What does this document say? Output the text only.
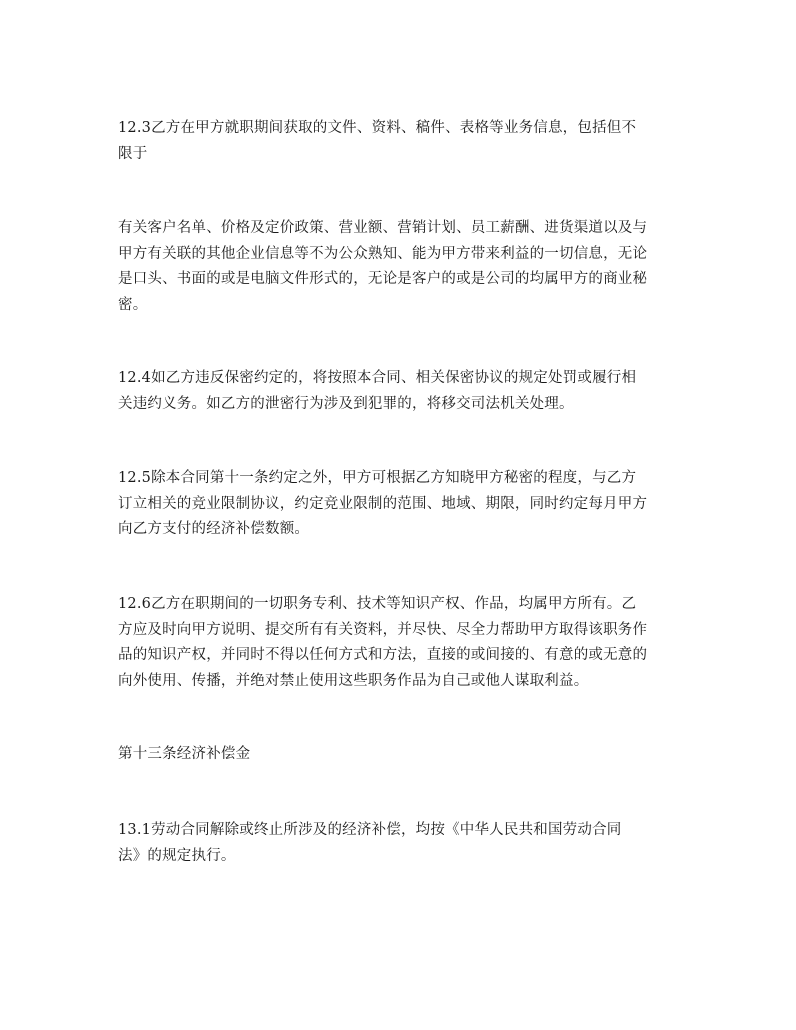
12.3乙方在甲方就职期间获取的文件、资料、稿件、表格等业务信息，包括但不
限于

有关客户名单、价格及定价政策、营业额、营销计划、员工薪酬、进货渠道以及与
甲方有关联的其他企业信息等不为公众熟知、能为甲方带来利益的一切信息，无论
是口头、书面的或是电脑文件形式的，无论是客户的或是公司的均属甲方的商业秘
密。

12.4如乙方违反保密约定的，将按照本合同、相关保密协议的规定处罚或履行相
关违约义务。如乙方的泄密行为涉及到犯罪的，将移交司法机关处理。

12.5除本合同第十一条约定之外，甲方可根据乙方知晓甲方秘密的程度，与乙方
订立相关的竞业限制协议，约定竞业限制的范围、地域、期限，同时约定每月甲方
向乙方支付的经济补偿数额。

12.6乙方在职期间的一切职务专利、技术等知识产权、作品，均属甲方所有。乙
方应及时向甲方说明、提交所有有关资料，并尽快、尽全力帮助甲方取得该职务作
品的知识产权，并同时不得以任何方式和方法，直接的或间接的、有意的或无意的
向外使用、传播，并绝对禁止使用这些职务作品为自己或他人谋取利益。

第十三条经济补偿金

13.1劳动合同解除或终止所涉及的经济补偿，均按《中华人民共和国劳动合同
法》的规定执行。
